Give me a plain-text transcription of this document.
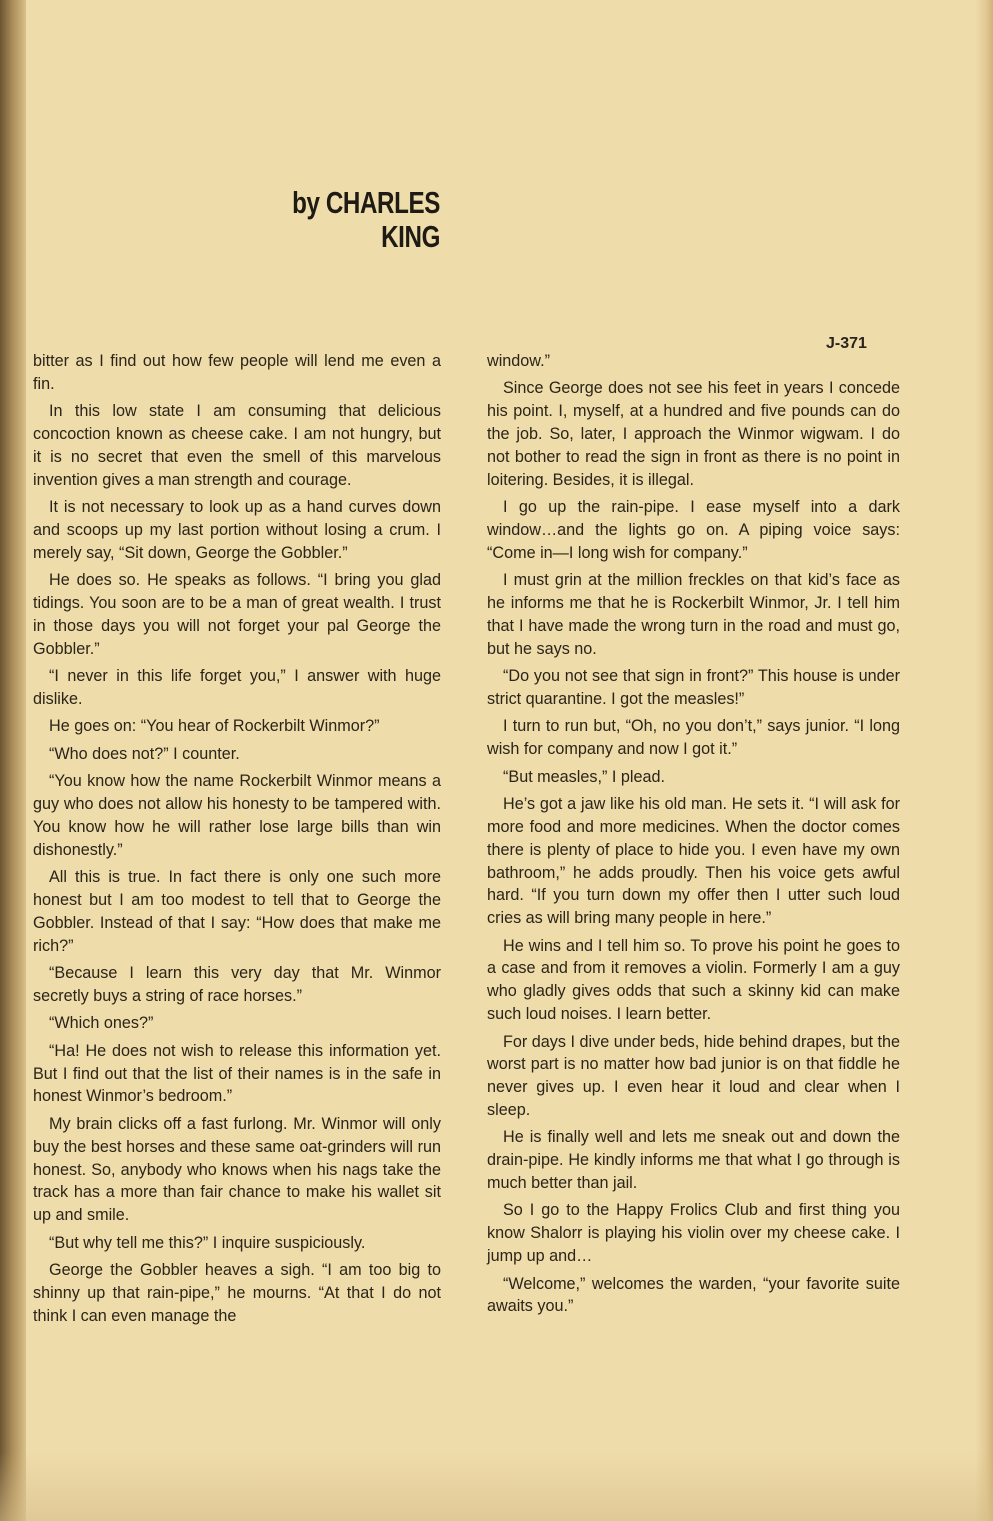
by CHARLES
KING
J-371

bitter as I find out how few people will lend me even a fin.

In this low state I am consuming that delicious concoction known as cheese cake. I am not hungry, but it is no secret that even the smell of this marvelous invention gives a man strength and courage.

It is not necessary to look up as a hand curves down and scoops up my last portion without losing a crum. I merely say, “Sit down, George the Gobbler.”

He does so. He speaks as follows. “I bring you glad tidings. You soon are to be a man of great wealth. I trust in those days you will not forget your pal George the Gobbler.”

“I never in this life forget you,” I answer with huge dislike.

He goes on: “You hear of Rockerbilt Winmor?”

“Who does not?” I counter.

“You know how the name Rockerbilt Winmor means a guy who does not allow his honesty to be tampered with. You know how he will rather lose large bills than win dishonestly.”

All this is true. In fact there is only one such more honest but I am too modest to tell that to George the Gobbler. Instead of that I say: “How does that make me rich?”

“Because I learn this very day that Mr. Winmor secretly buys a string of race horses.”

“Which ones?”

“Ha! He does not wish to release this information yet. But I find out that the list of their names is in the safe in honest Winmor’s bedroom.”

My brain clicks off a fast furlong. Mr. Winmor will only buy the best horses and these same oat-grinders will run honest. So, anybody who knows when his nags take the track has a more than fair chance to make his wallet sit up and smile.

“But why tell me this?” I inquire suspiciously.

George the Gobbler heaves a sigh. “I am too big to shinny up that rain-pipe,” he mourns. “At that I do not think I can even manage the

window.”

Since George does not see his feet in years I concede his point. I, myself, at a hundred and five pounds can do the job. So, later, I approach the Winmor wigwam. I do not bother to read the sign in front as there is no point in loitering. Besides, it is illegal.

I go up the rain-pipe. I ease myself into a dark window…and the lights go on. A piping voice says: “Come in—I long wish for company.”

I must grin at the million freckles on that kid’s face as he informs me that he is Rockerbilt Winmor, Jr. I tell him that I have made the wrong turn in the road and must go, but he says no.

“Do you not see that sign in front?” This house is under strict quarantine. I got the measles!”

I turn to run but, “Oh, no you don’t,” says junior. “I long wish for company and now I got it.”

“But measles,” I plead.

He’s got a jaw like his old man. He sets it. “I will ask for more food and more medicines. When the doctor comes there is plenty of place to hide you. I even have my own bathroom,” he adds proudly. Then his voice gets awful hard. “If you turn down my offer then I utter such loud cries as will bring many people in here.”

He wins and I tell him so. To prove his point he goes to a case and from it removes a violin. Formerly I am a guy who gladly gives odds that such a skinny kid can make such loud noises. I learn better.

For days I dive under beds, hide behind drapes, but the worst part is no matter how bad junior is on that fiddle he never gives up. I even hear it loud and clear when I sleep.

He is finally well and lets me sneak out and down the drain-pipe. He kindly informs me that what I go through is much better than jail.

So I go to the Happy Frolics Club and first thing you know Shalorr is playing his violin over my cheese cake. I jump up and…

“Welcome,” welcomes the warden, “your favorite suite awaits you.”
